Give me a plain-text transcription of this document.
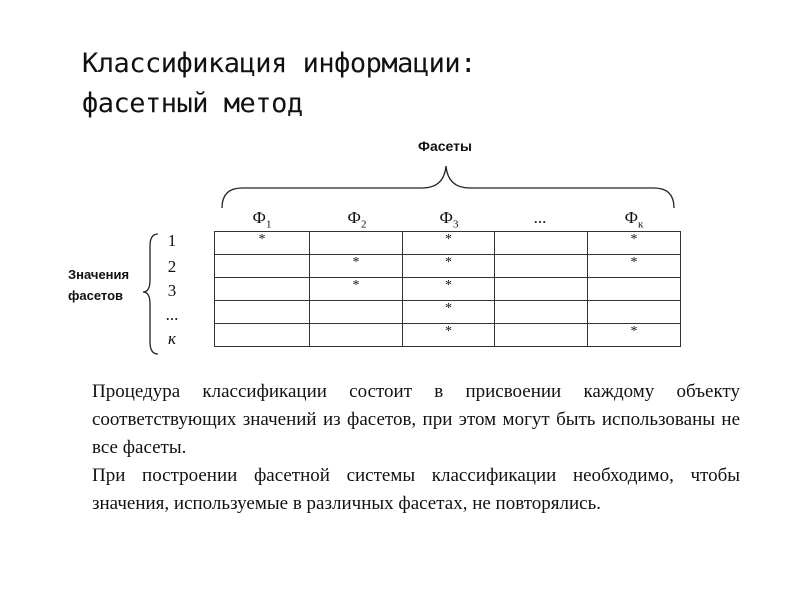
Классификация информации:
фасетный метод
Фасеты
$Ф_1$	$Ф_2$	$Ф_3$	...	$Ф_к$
Значения
фасетов
1
2
3
...
к
*		*		*
	*	*		*
	*	*		
		*		
		*		*

Процедура классификации состоит в присвоении каждому объекту соответствующих значений из фасетов, при этом могут быть использованы не все фасеты.

При построении фасетной системы классификации необходимо, чтобы значения, используемые в различных фасетах, не повторялись.
